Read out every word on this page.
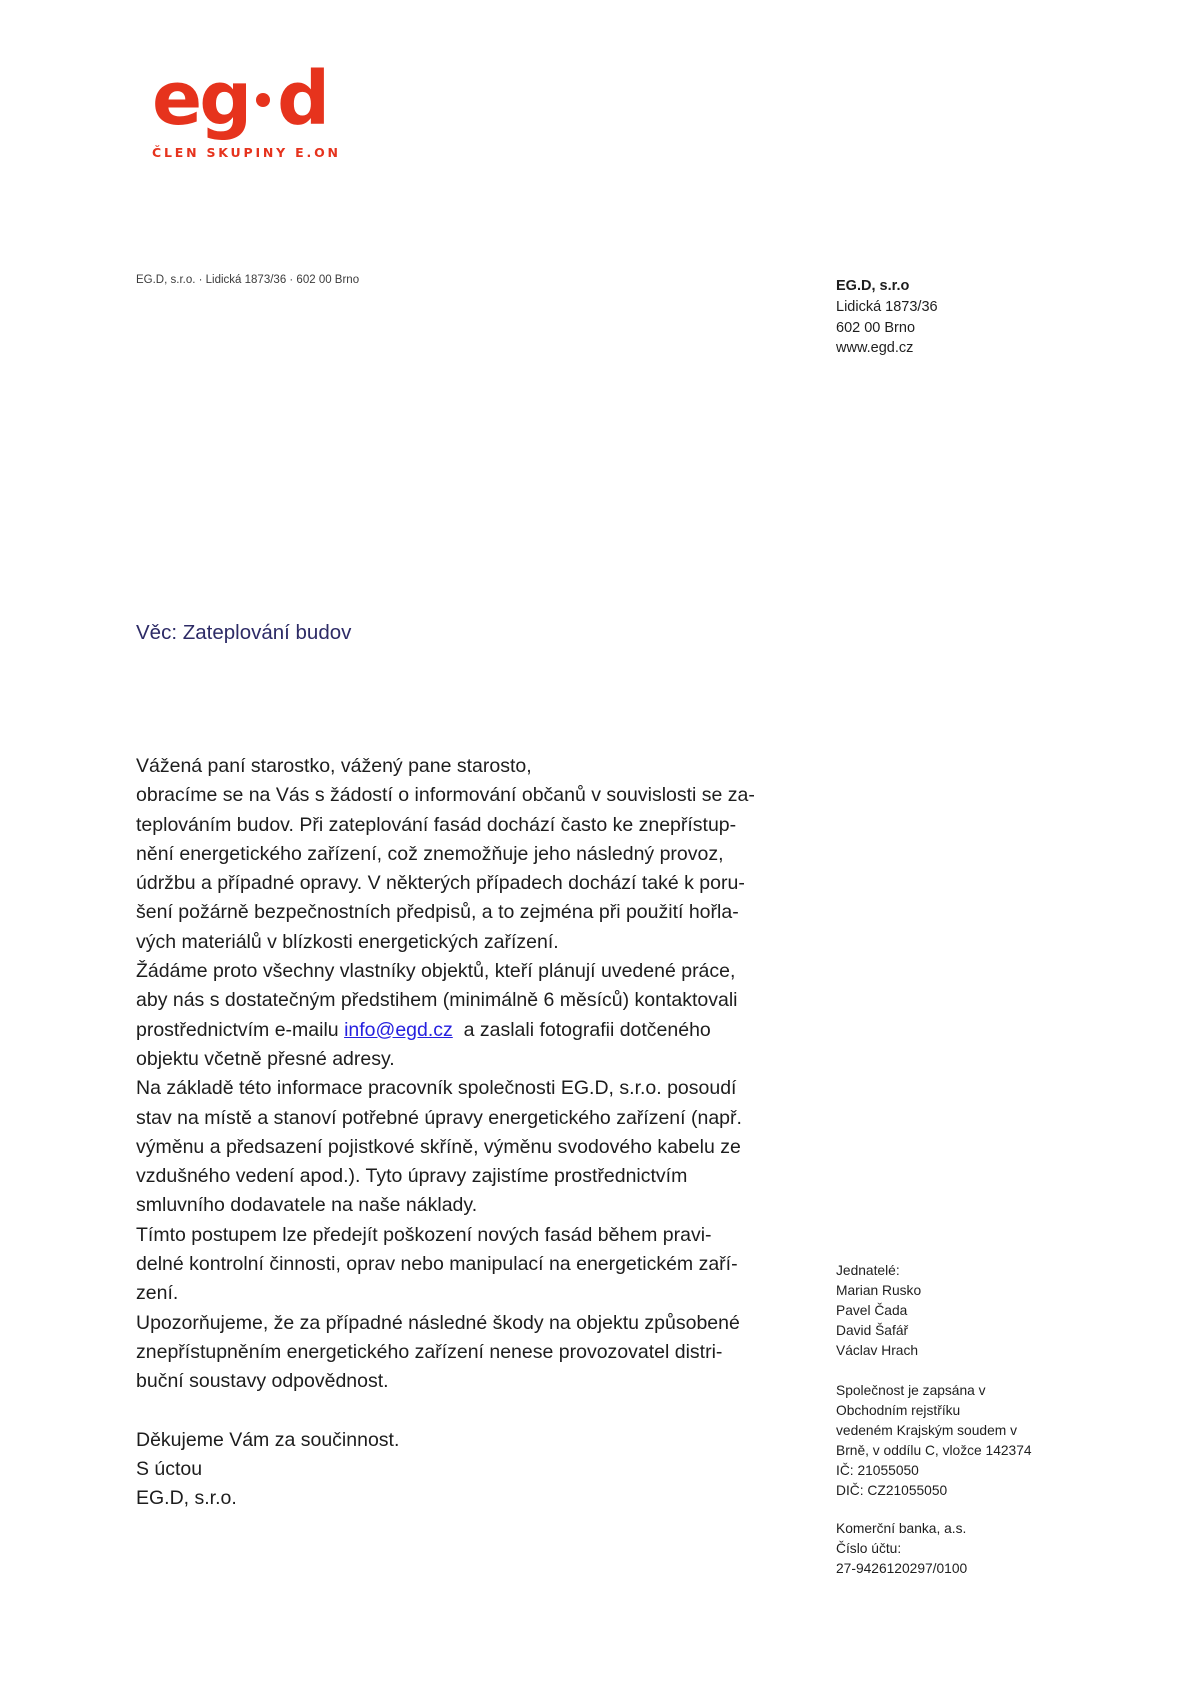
eg d
ČLEN SKUPINY E.ON
EG.D, s.r.o. · Lidická 1873/36 · 602 00 Brno	EG.D, s.r.o
Lidická 1873/36
602 00 Brno
www.egd.cz
Věc: Zateplování budov
Vážená paní starostko, vážený pane starosto,
obracíme se na Vás s žádostí o informování občanů v souvislosti se za-
teplováním budov. Při zateplování fasád dochází často ke znepřístup-
nění energetického zařízení, což znemožňuje jeho následný provoz,
údržbu a případné opravy. V některých případech dochází také k poru-
šení požárně bezpečnostních předpisů, a to zejména při použití hořla-
vých materiálů v blízkosti energetických zařízení.
Žádáme proto všechny vlastníky objektů, kteří plánují uvedené práce,
aby nás s dostatečným předstihem (minimálně 6 měsíců) kontaktovali
prostřednictvím e-mailu info@egd.cz  a zaslali fotografii dotčeného
objektu včetně přesné adresy.
Na základě této informace pracovník společnosti EG.D, s.r.o. posoudí
stav na místě a stanoví potřebné úpravy energetického zařízení (např.
výměnu a předsazení pojistkové skříně, výměnu svodového kabelu ze
vzdušného vedení apod.). Tyto úpravy zajistíme prostřednictvím
smluvního dodavatele na naše náklady.
Tímto postupem lze předejít poškození nových fasád během pravi-
delné kontrolní činnosti, oprav nebo manipulací na energetickém zaří-
zení.
Upozorňujeme, že za případné následné škody na objektu způsobené
znepřístupněním energetického zařízení nenese provozovatel distri-
buční soustavy odpovědnost.

Děkujeme Vám za součinnost.
S úctou
EG.D, s.r.o.
Jednatelé:
Marian Rusko
Pavel Čada
David Šafář
Václav Hrach
Společnost je zapsána v
Obchodním rejstříku
vedeném Krajským soudem v
Brně, v oddílu C, vložce 142374
IČ: 21055050
DIČ: CZ21055050
Komerční banka, a.s.
Číslo účtu:
27-9426120297/0100
